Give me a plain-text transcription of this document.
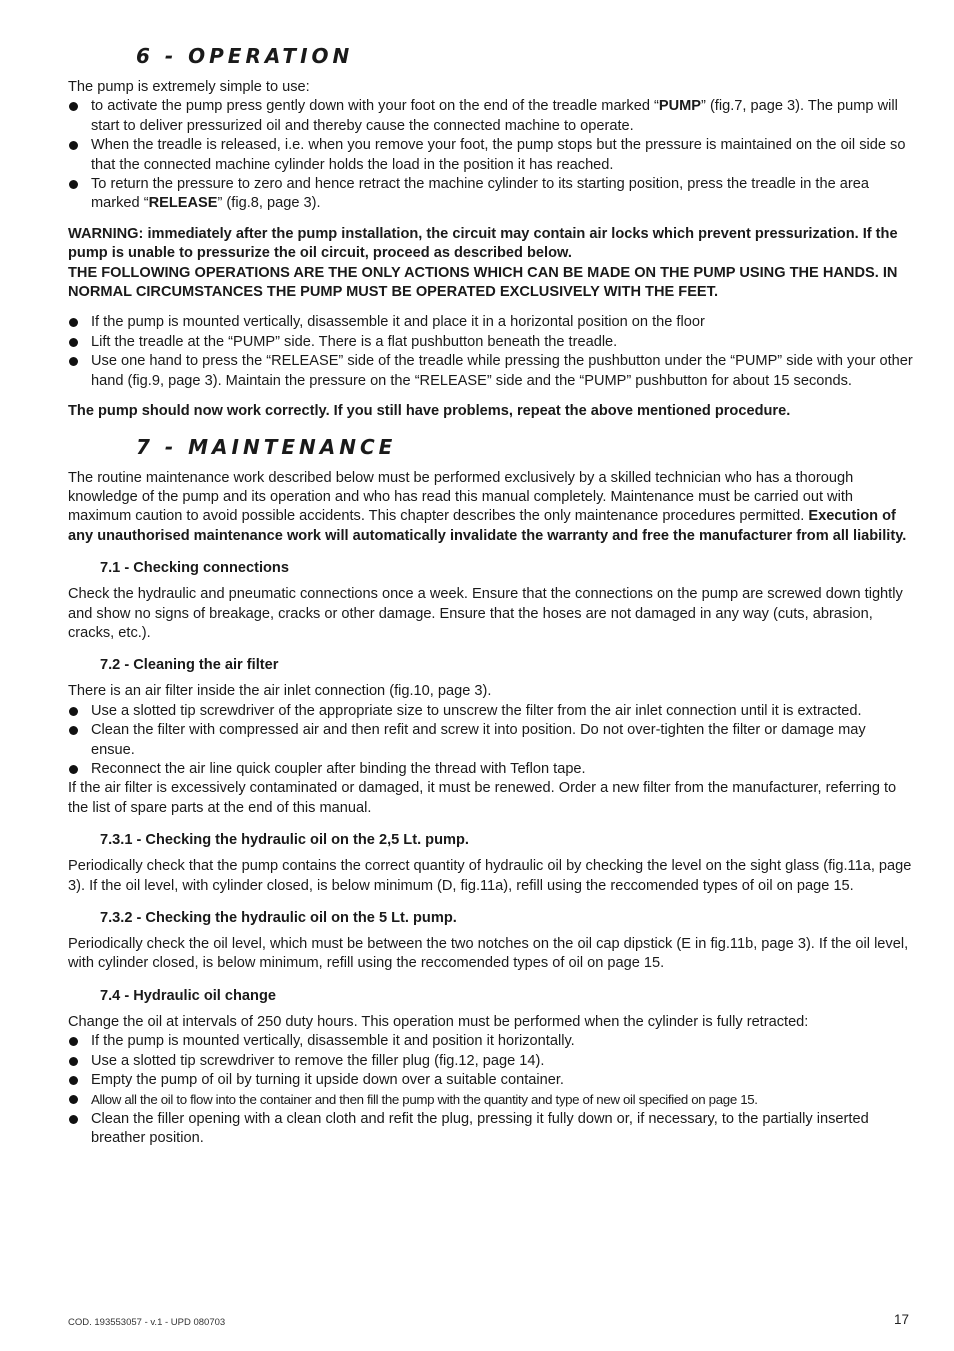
6 - OPERATION

The pump is extremely simple to use:

to activate the pump press gently down with your foot on the end of the treadle marked “PUMP” (fig.7, page 3). The pump will start to deliver pressurized oil and thereby cause the connected machine to operate.
When the treadle is released, i.e. when you remove your foot, the pump stops but the pressure is maintained on the oil side so that the connected machine cylinder holds the load in the position it has reached.
To return the pressure to zero and hence retract the machine cylinder to its starting position, press the treadle in the area marked “RELEASE” (fig.8, page 3).

WARNING: immediately after the pump installation, the circuit may contain air locks which prevent pressurization. If the pump is unable to pressurize the oil circuit, proceed as described below.

THE FOLLOWING OPERATIONS ARE THE ONLY ACTIONS WHICH CAN BE MADE ON THE PUMP USING THE HANDS. IN NORMAL CIRCUMSTANCES THE PUMP MUST BE OPERATED EXCLUSIVELY WITH THE FEET.

If the pump is mounted vertically, disassemble it and place it in a horizontal position on the floor
Lift the treadle at the “PUMP” side. There is a flat pushbutton beneath the treadle.
Use one hand to press the “RELEASE” side of the treadle while pressing the pushbutton under the “PUMP” side with your other hand (fig.9, page 3). Maintain the pressure on the “RELEASE” side and the “PUMP” pushbutton for about 15 seconds.

The pump should now work correctly. If you still have problems, repeat the above mentioned procedure.

7 - MAINTENANCE

The routine maintenance work described below must be performed exclusively by a skilled technician who has a thorough knowledge of the pump and its operation and who has read this manual completely. Maintenance must be carried out with maximum caution to avoid possible accidents. This chapter describes the only maintenance procedures permitted. Execution of any unauthorised maintenance work will automatically invalidate the warranty and free the manufacturer from all liability.

7.1 - Checking connections

Check the hydraulic and pneumatic connections once a week. Ensure that the connections on the pump are screwed down tightly and show no signs of breakage, cracks or other damage. Ensure that the hoses are not damaged in any way (cuts, abrasion, cracks, etc.).

7.2 - Cleaning the air filter

There is an air filter inside the air inlet connection (fig.10, page 3).

Use a slotted tip screwdriver of the appropriate size to unscrew the filter from the air inlet connection until it is extracted.
Clean the filter with compressed air and then refit and screw it into position. Do not over-tighten the filter or damage may ensue.
Reconnect the air line quick coupler after binding the thread with Teflon tape.

If the air filter is excessively contaminated or damaged, it must be renewed. Order a new filter from the manufacturer, referring to the list of spare parts at the end of this manual.

7.3.1 - Checking the hydraulic oil on the 2,5 Lt. pump.

Periodically check that the pump contains the correct quantity of hydraulic oil by checking the level on the sight glass (fig.11a, page 3). If the oil level, with cylinder closed, is below minimum (D, fig.11a), refill using the reccomended types of oil on page 15.

7.3.2 - Checking the hydraulic oil on the 5 Lt. pump.

Periodically check the oil level, which must be between the two notches on the oil cap dipstick (E in fig.11b, page 3). If the oil level, with cylinder closed, is below minimum, refill using the reccomended types of oil on page 15.

7.4 - Hydraulic oil change

Change the oil at intervals of 250 duty hours. This operation must be performed when the cylinder is fully retracted:

If the pump is mounted vertically, disassemble it and position it horizontally.
Use a slotted tip screwdriver to remove the filler plug (fig.12, page 14).
Empty the pump of oil by turning it upside down over a suitable container.
Allow all the oil to flow into the container and then fill the pump with the quantity and type of new oil specified on page 15.
Clean the filler opening with a clean cloth and refit the plug, pressing it fully down or, if necessary, to the partially inserted breather position.
COD. 193553057 - v.1 - UPD 080703	17
